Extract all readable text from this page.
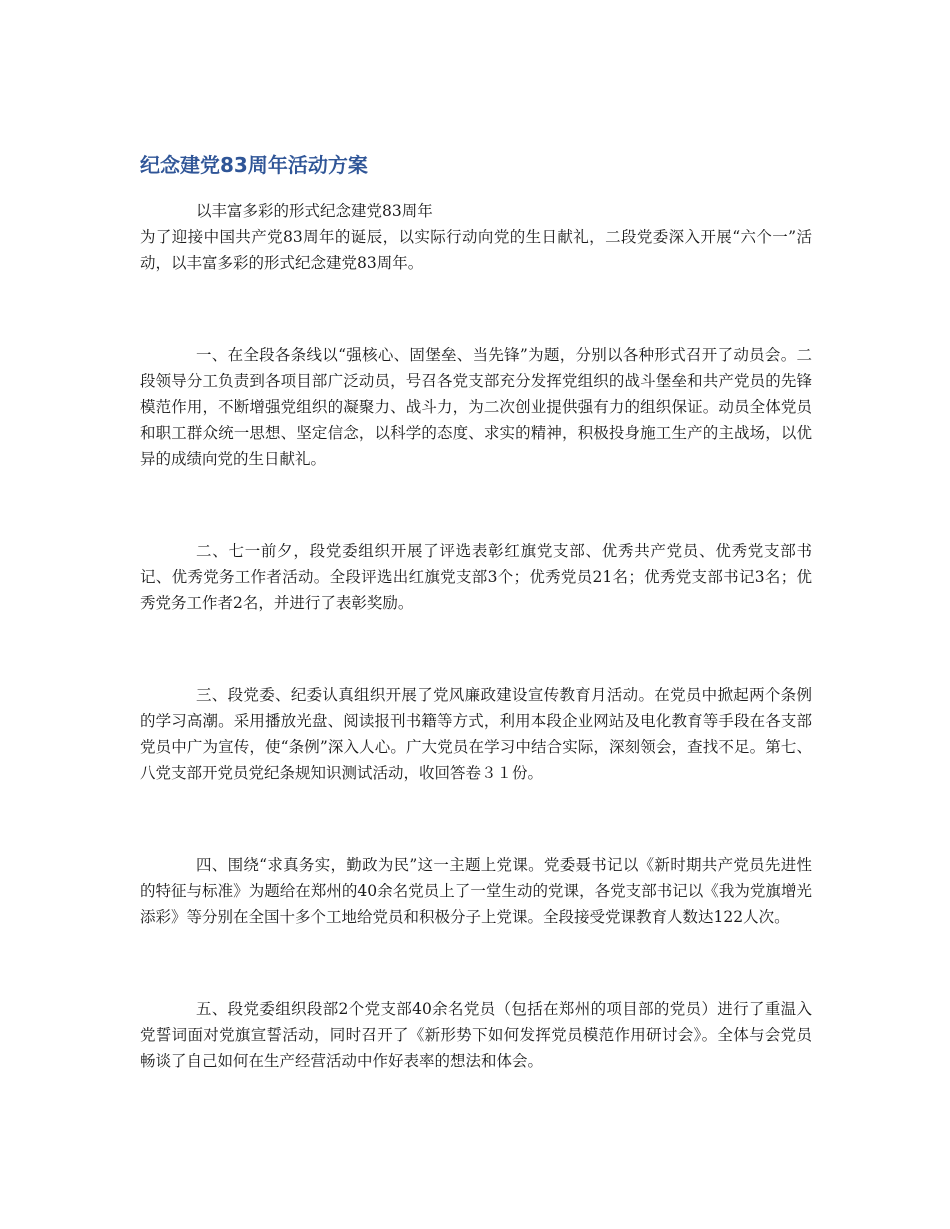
纪念建党83周年活动方案

以丰富多彩的形式纪念建党83周年

为了迎接中国共产党83周年的诞辰，以实际行动向党的生日献礼，二段党委深入开展“六个一”活动，以丰富多彩的形式纪念建党83周年。

一、在全段各条线以“强核心、固堡垒、当先锋”为题，分别以各种形式召开了动员会。二段领导分工负责到各项目部广泛动员，号召各党支部充分发挥党组织的战斗堡垒和共产党员的先锋模范作用，不断增强党组织的凝聚力、战斗力，为二次创业提供强有力的组织保证。动员全体党员和职工群众统一思想、坚定信念，以科学的态度、求实的精神，积极投身施工生产的主战场，以优异的成绩向党的生日献礼。

二、七一前夕，段党委组织开展了评选表彰红旗党支部、优秀共产党员、优秀党支部书记、优秀党务工作者活动。全段评选出红旗党支部3个；优秀党员21名；优秀党支部书记3名；优秀党务工作者2名，并进行了表彰奖励。

三、段党委、纪委认真组织开展了党风廉政建设宣传教育月活动。在党员中掀起两个条例的学习高潮。采用播放光盘、阅读报刊书籍等方式，利用本段企业网站及电化教育等手段在各支部党员中广为宣传，使“条例”深入人心。广大党员在学习中结合实际，深刻领会，查找不足。第七、八党支部开党员党纪条规知识测试活动，收回答卷３１份。

四、围绕“求真务实，勤政为民”这一主题上党课。党委聂书记以《新时期共产党员先进性的特征与标准》为题给在郑州的40余名党员上了一堂生动的党课，各党支部书记以《我为党旗增光添彩》等分别在全国十多个工地给党员和积极分子上党课。全段接受党课教育人数达122人次。

五、段党委组织段部2个党支部40余名党员（包括在郑州的项目部的党员）进行了重温入党誓词面对党旗宣誓活动，同时召开了《新形势下如何发挥党员模范作用研讨会》。全体与会党员畅谈了自己如何在生产经营活动中作好表率的想法和体会。
